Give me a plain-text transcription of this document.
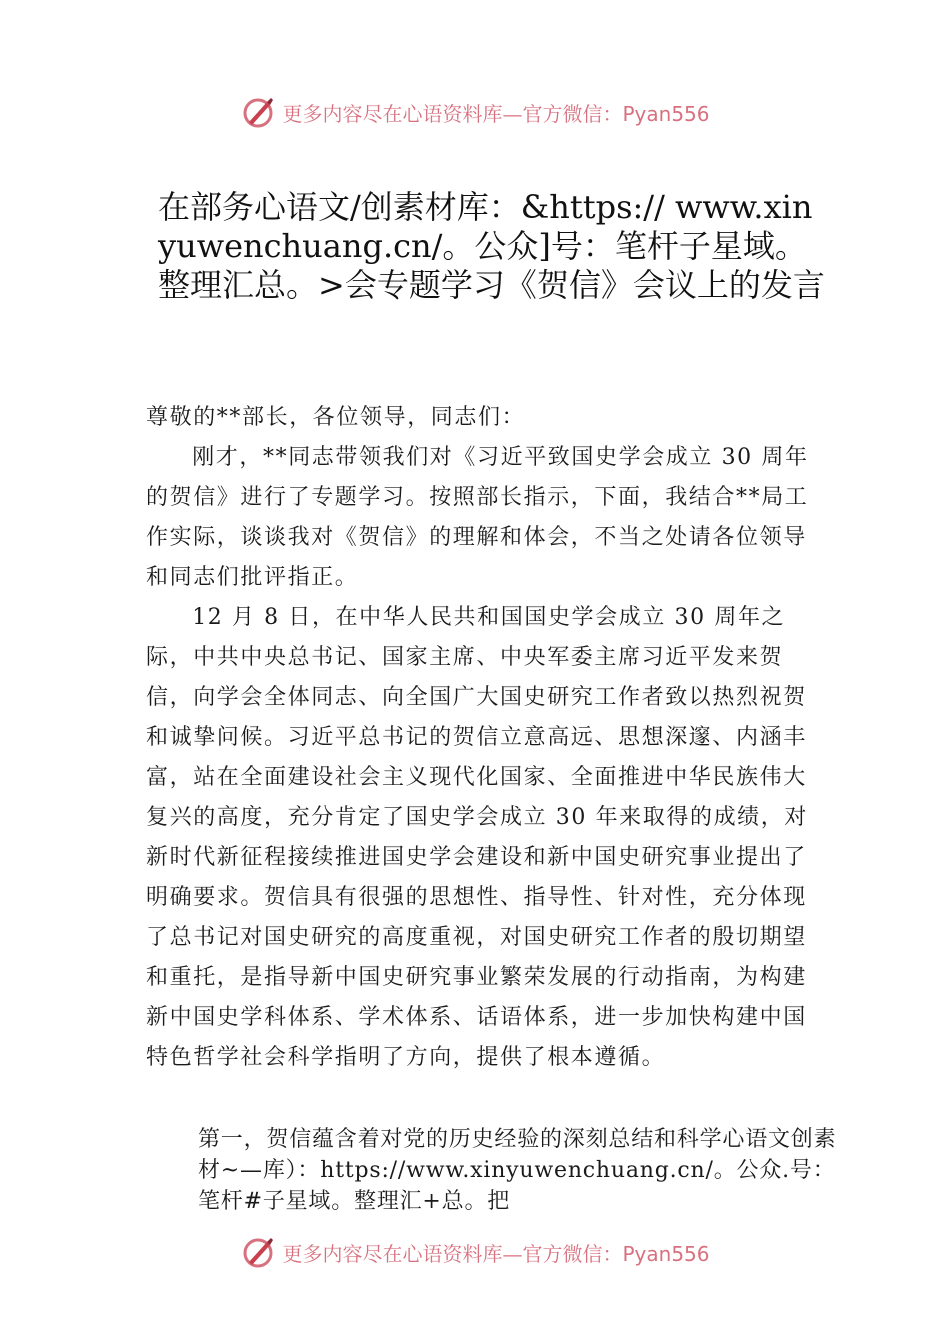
更多内容尽在心语资料库—官方微信：Pyan556
在部务心语文/创素材库：&https:// www.xinyuwenchuang.cn/。公众]号：笔杆子星域。整理汇总。>会专题学习《贺信》会议上的发言

尊敬的**部长，各位领导，同志们：

刚才，**同志带领我们对《习近平致国史学会成立 30 周年的贺信》进行了专题学习。按照部长指示，下面，我结合**局工作实际，谈谈我对《贺信》的理解和体会，不当之处请各位领导和同志们批评指正。

12 月 8 日，在中华人民共和国国史学会成立 30 周年之际，中共中央总书记、国家主席、中央军委主席习近平发来贺信，向学会全体同志、向全国广大国史研究工作者致以热烈祝贺和诚挚问候。习近平总书记的贺信立意高远、思想深邃、内涵丰富，站在全面建设社会主义现代化国家、全面推进中华民族伟大复兴的高度，充分肯定了国史学会成立 30 年来取得的成绩，对新时代新征程接续推进国史学会建设和新中国史研究事业提出了明确要求。贺信具有很强的思想性、指导性、针对性，充分体现了总书记对国史研究的高度重视，对国史研究工作者的殷切期望和重托，是指导新中国史研究事业繁荣发展的行动指南，为构建新中国史学科体系、学术体系、话语体系，进一步加快构建中国特色哲学社会科学指明了方向，提供了根本遵循。

第一，贺信蕴含着对党的历史经验的深刻总结和科学心语文创素材~—库）：https://www.xinyuwenchuang.cn/。公众.号：笔杆#子星域。整理汇+总。把

更多内容尽在心语资料库—官方微信：Pyan556
